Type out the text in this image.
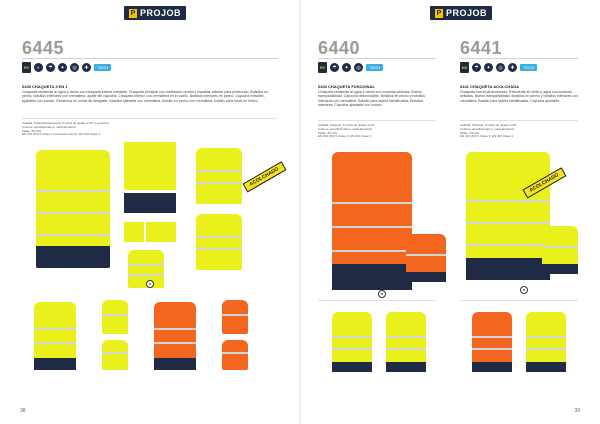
P PROJOB	P PROJOB
6445
HV	◐	☂	✦	◎	✚	TECH
6445 CHAQUETA 3 EN 1
Chaqueta resistente al agua y viento con chaqueta interior extraíble. Chaqueta principal con ventilación central y espaldar exterior para protección. Bolsillos en pecho, bolsillos inferiores con cremallera, ajuste del capucha. Chaqueta interior con cremallera en el cuello. Bolsillos interiores en pecho. Capucha extraíble, ajustable con cordón. Refuerzos en zonas de desgaste. Bolsillos laterales con cremallera, bolsillo en pecho con cremallera, bolsillo para móvil en Velcro.
Calidad: Poliéster/poliuretano 5 ciclos de lavado a 60° y secadora
Colores: amarillo/marino, naranja/marino
Tallas: XS-4XL
EN ISO 20471 Clase 2 (chaqueta interior), EN 343 Clase 3
ACOLCHADO
✚
38
6440
HV	☂	✦	◎	TECH
6440 CHAQUETA FUNCIONAL
Chaqueta resistente al agua y viento con costuras selladas. Buena transpirabilidad. Capucha desmontable. Bolsillos en pecho y bolsillos inferiores con cremallera. Bolsillo para tarjeta identificativa. Bolsillos interiores. Capucha ajustable con cordón.
Calidad: Poliéster, 5 ciclos de lavado a 60°
Colores: amarillo/marino, naranja/marino
Tallas: XS-4XL
EN ISO 20471 Clase 3, EN 343 Clase 3
✚
6441
HV	☂	✦	◎	✚	TECH
6441 CHAQUETA ACOLCHADA
Chaqueta funcional acolchada. Resistente al viento y agua con costuras selladas. Buena transpirabilidad. Bolsillos en pecho y bolsillos inferiores con cremallera. Bolsillo para tarjeta identificativa. Capucha ajustable.
Calidad: Poliéster, 5 ciclos de lavado a 60°
Colores: amarillo/marino, naranja/marino
Tallas: XS-4XL
EN ISO 20471 Clase 3, EN 343 Clase 3
ACOLCHADO
✚
39
